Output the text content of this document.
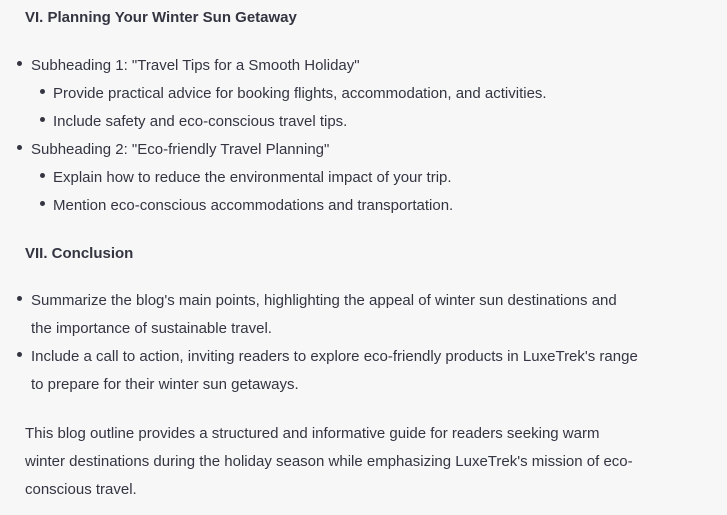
VI. Planning Your Winter Sun Getaway
Subheading 1: "Travel Tips for a Smooth Holiday"
Provide practical advice for booking flights, accommodation, and activities.
Include safety and eco-conscious travel tips.
Subheading 2: "Eco-friendly Travel Planning"
Explain how to reduce the environmental impact of your trip.
Mention eco-conscious accommodations and transportation.
VII. Conclusion
Summarize the blog's main points, highlighting the appeal of winter sun destinations and
the importance of sustainable travel.
Include a call to action, inviting readers to explore eco-friendly products in LuxeTrek's range
to prepare for their winter sun getaways.
This blog outline provides a structured and informative guide for readers seeking warm
winter destinations during the holiday season while emphasizing LuxeTrek's mission of eco-
conscious travel.
